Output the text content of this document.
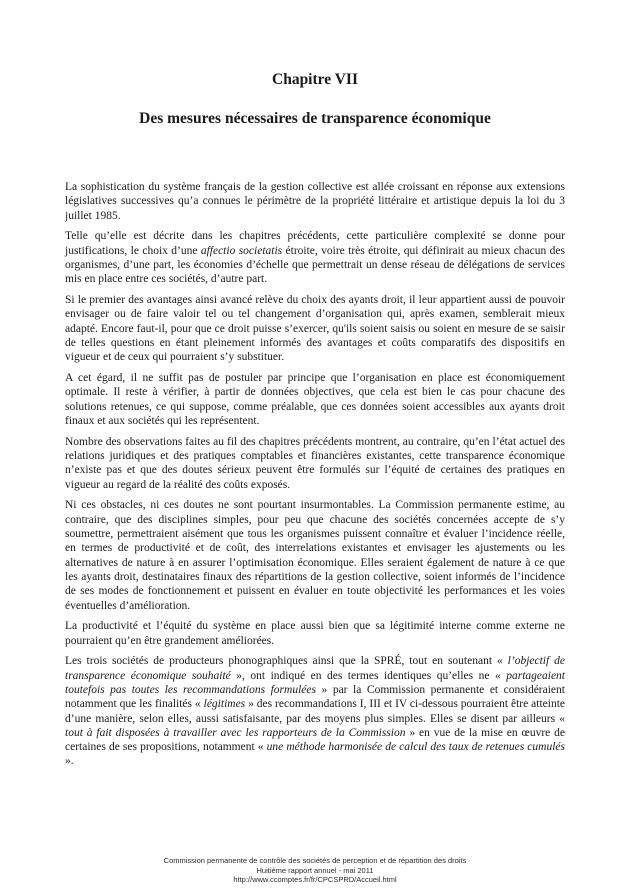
Chapitre VII
Des mesures nécessaires de transparence économique

La sophistication du système français de la gestion collective est allée croissant en réponse aux extensions législatives successives qu’a connues le périmètre de la propriété littéraire et artistique depuis la loi du 3 juillet 1985.

Telle qu’elle est décrite dans les chapitres précédents, cette particulière complexité se donne pour justifications, le choix d’une affectio societatis étroite, voire très étroite, qui définirait au mieux chacun des organismes, d’une part, les économies d’échelle que permettrait un dense réseau de délégations de services mis en place entre ces sociétés, d’autre part.

Si le premier des avantages ainsi avancé relève du choix des ayants droit, il leur appartient aussi de pouvoir envisager ou de faire valoir tel ou tel changement d’organisation qui, après examen, semblerait mieux adapté. Encore faut-il, pour que ce droit puisse s’exercer, qu'ils soient saisis ou soient en mesure de se saisir de telles questions en étant pleinement informés des avantages et coûts comparatifs des dispositifs en vigueur et de ceux qui pourraient s’y substituer.

A cet égard, il ne suffit pas de postuler par principe que l’organisation en place est économiquement optimale. Il reste à vérifier, à partir de données objectives, que cela est bien le cas pour chacune des solutions retenues, ce qui suppose, comme préalable, que ces données soient accessibles aux ayants droit finaux et aux sociétés qui les représentent.

Nombre des observations faites au fil des chapitres précédents montrent, au contraire, qu’en l’état actuel des relations juridiques et des pratiques comptables et financières existantes, cette transparence économique n’existe pas et que des doutes sérieux peuvent être formulés sur l’équité de certaines des pratiques en vigueur au regard de la réalité des coûts exposés.

Ni ces obstacles, ni ces doutes ne sont pourtant insurmontables. La Commission permanente estime, au contraire, que des disciplines simples, pour peu que chacune des sociétés concernées accepte de s’y soumettre, permettraient aisément que tous les organismes puissent connaître et évaluer l’incidence réelle, en termes de productivité et de coût, des interrelations existantes et envisager les ajustements ou les alternatives de nature à en assurer l’optimisation économique. Elles seraient également de nature à ce que les ayants droit, destinataires finaux des répartitions de la gestion collective, soient informés de l’incidence de ses modes de fonctionnement et puissent en évaluer en toute objectivité les performances et les voies éventuelles d’amélioration.

La productivité et l’équité du système en place aussi bien que sa légitimité interne comme externe ne pourraient qu’en être grandement améliorées.

Les trois sociétés de producteurs phonographiques ainsi que la SPRÉ, tout en soutenant « l’objectif de transparence économique souhaité », ont indiqué en des termes identiques qu’elles ne « partageaient toutefois pas toutes les recommandations formulées » par la Commission permanente et considéraient notamment que les finalités « légitimes » des recommandations I, III et IV ci-dessous pourraient être atteinte d’une manière, selon elles, aussi satisfaisante, par des moyens plus simples. Elles se disent par ailleurs « tout à fait disposées à travailler avec les rapporteurs de la Commission » en vue de la mise en œuvre de certaines de ses propositions, notamment « une méthode harmonisée de calcul des taux de retenues cumulés ».

Commission permanente de contrôle des sociétés de perception et de répartition des droits
Huitième rapport annuel - mai 2011
http://www.ccomptes.fr/fr/CPCSPRD/Accueil.html
